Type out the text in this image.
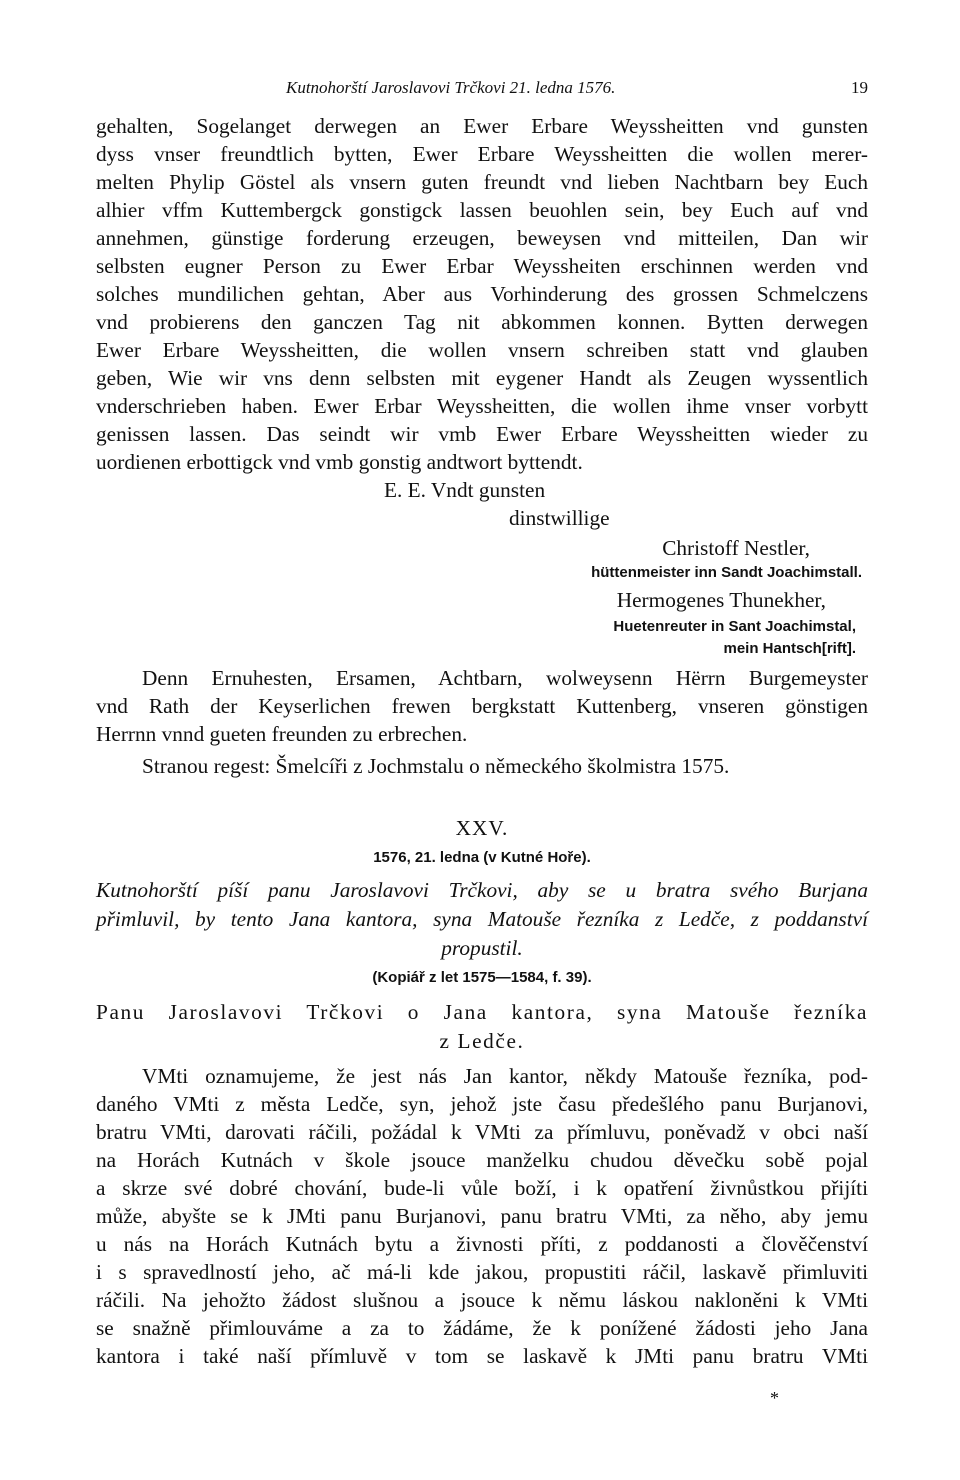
Kutnohorští Jaroslavovi Trčkovi 21. ledna 1576.	19
gehalten, Sogelanget derwegen an Ewer Erbare Weyssheitten vnd gunsten
dyss vnser freundtlich bytten, Ewer Erbare Weyssheitten die wollen merer-
melten Phylip Göstel als vnsern guten freundt vnd lieben Nachtbarn bey Euch
alhier vffm Kuttembergck gonstigck lassen beuohlen sein, bey Euch auf vnd
annehmen, günstige forderung erzeugen, beweysen vnd mitteilen, Dan wir
selbsten eugner Person zu Ewer Erbar Weyssheiten erschinnen werden vnd
solches mundilichen gehtan, Aber aus Vorhinderung des grossen Schmelczens
vnd probierens den ganczen Tag nit abkommen konnen. Bytten derwegen
Ewer Erbare Weyssheitten, die wollen vnsern schreiben statt vnd glauben
geben, Wie wir vns denn selbsten mit eygener Handt als Zeugen wyssentlich
vnderschrieben haben. Ewer Erbar Weyssheitten, die wollen ihme vnser vorbytt
genissen lassen. Das seindt wir vmb Ewer Erbare Weyssheitten wieder zu
uordienen erbottigck vnd vmb gonstig andtwort byttendt.
E. E. Vndt gunsten
dinstwillige
Christoff Nestler,
hüttenmeister inn Sandt Joachimstall.
Hermogenes Thunekher,
Huetenreuter in Sant Joachimstal,
mein Hantsch[rift].
Denn Ernuhesten, Ersamen, Achtbarn, wolweysenn Hërrn Burgemeyster
vnd Rath der Keyserlichen frewen bergkstatt Kuttenberg, vnseren gönstigen
Herrnn vnnd gueten freunden zu erbrechen.
Stranou regest: Šmelcíři z Jochmstalu o německého školmistra 1575.
XXV.
1576, 21. ledna (v Kutné Hoře).
Kutnohorští píší panu Jaroslavovi Trčkovi, aby se u bratra svého Burjana
přimluvil, by tento Jana kantora, syna Matouše řezníka z Ledče, z poddanství
propustil.
(Kopiář z let 1575—1584, f. 39).
Panu Jaroslavovi Trčkovi o Jana kantora, syna Matouše řezníka
z Ledče.
VMti oznamujeme, že jest nás Jan kantor, někdy Matouše řezníka, pod-
daného VMti z města Ledče, syn, jehož jste času předešlého panu Burjanovi,
bratru VMti, darovati ráčili, požádal k VMti za přímluvu, poněvadž v obci naší
na Horách Kutnách v škole jsouce manželku chudou děvečku sobě pojal
a skrze své dobré chování, bude-li vůle boží, i k opatření živnůstkou přijíti
může, abyšte se k JMti panu Burjanovi, panu bratru VMti, za něho, aby jemu
u nás na Horách Kutnách bytu a živnosti příti, z poddanosti a člověčenství
i s spravedlností jeho, ač má-li kde jakou, propustiti ráčil, laskavě přimluviti
ráčili. Na jehožto žádost slušnou a jsouce k němu láskou nakloněni k VMti
se snažně přimlouváme a za to žádáme, že k ponížené žádosti jeho Jana
kantora i také naší přímluvě v tom se laskavě k JMti panu bratru VMti
*
